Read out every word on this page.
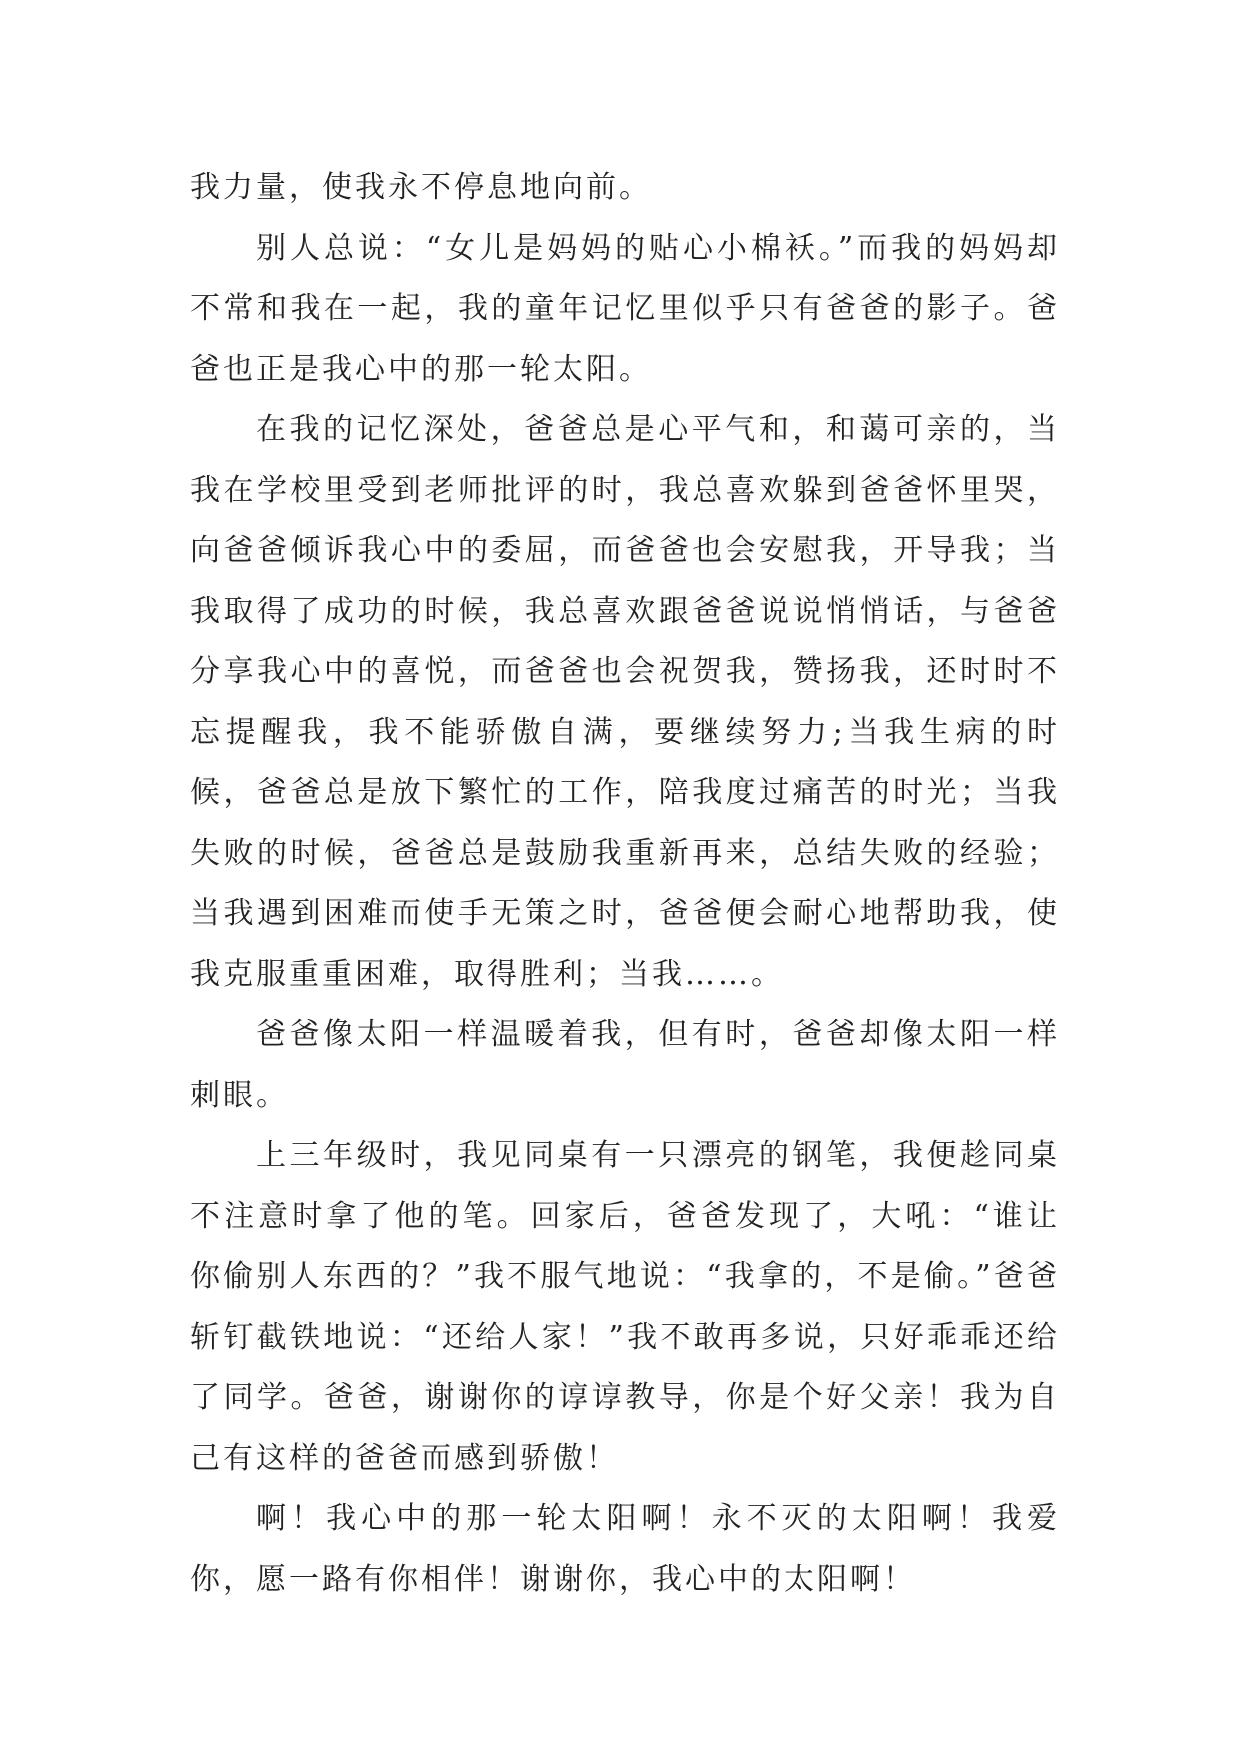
我力量，使我永不停息地向前。

别人总说：“女儿是妈妈的贴心小棉袄。”而我的妈妈却不常和我在一起，我的童年记忆里似乎只有爸爸的影子。爸爸也正是我心中的那一轮太阳。

在我的记忆深处，爸爸总是心平气和，和蔼可亲的，当我在学校里受到老师批评的时，我总喜欢躲到爸爸怀里哭，向爸爸倾诉我心中的委屈，而爸爸也会安慰我，开导我；当我取得了成功的时候，我总喜欢跟爸爸说说悄悄话，与爸爸分享我心中的喜悦，而爸爸也会祝贺我，赞扬我，还时时不忘提醒我，我不能骄傲自满，要继续努力;当我生病的时候，爸爸总是放下繁忙的工作，陪我度过痛苦的时光；当我失败的时候，爸爸总是鼓励我重新再来，总结失败的经验；当我遇到困难而使手无策之时，爸爸便会耐心地帮助我，使我克服重重困难，取得胜利；当我……。

爸爸像太阳一样温暖着我，但有时，爸爸却像太阳一样刺眼。

上三年级时，我见同桌有一只漂亮的钢笔，我便趁同桌不注意时拿了他的笔。回家后，爸爸发现了，大吼：“谁让你偷别人东西的？”我不服气地说：“我拿的，不是偷。”爸爸斩钉截铁地说：“还给人家！”我不敢再多说，只好乖乖还给了同学。爸爸，谢谢你的谆谆教导，你是个好父亲！我为自己有这样的爸爸而感到骄傲！

啊！我心中的那一轮太阳啊！永不灭的太阳啊！我爱你，愿一路有你相伴！谢谢你，我心中的太阳啊！
